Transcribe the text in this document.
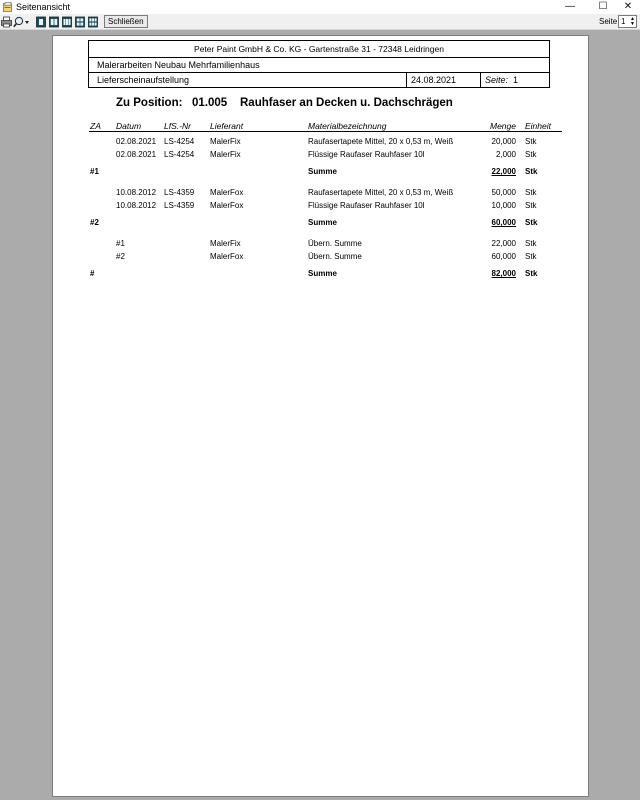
Seitenansicht	—	☐	✕
Schließen	Seite 1 ▲
▼
Peter Paint GmbH & Co. KG - Gartenstraße 31 - 72348 Leidringen
Malerarbeiten Neubau Mehrfamilienhaus
Lieferscheinaufstellung	24.08.2021	Seite: 1
Zu Position: 01.005 Rauhfaser an Decken u. Dachschrägen
ZA Datum	LfS.-Nr Lieferant	Materialbezeichnung	Menge Einheit
02.08.2021 LS-4254 MalerFix	Raufasertapete Mittel, 20 x 0,53 m, Weiß	20,000 Stk
02.08.2021 LS-4254 MalerFix	Flüssige Raufaser Rauhfaser 10l	2,000 Stk
#1	Summe	22,000 Stk
10.08.2012 LS-4359 MalerFox	Raufasertapete Mittel, 20 x 0,53 m, Weiß	50,000 Stk
10.08.2012 LS-4359 MalerFox	Flüssige Raufaser Rauhfaser 10l	10,000 Stk
#2	Summe	60,000 Stk
#1	MalerFix	Übern. Summe	22,000 Stk
#2	MalerFox	Übern. Summe	60,000 Stk
#	Summe	82,000 Stk
